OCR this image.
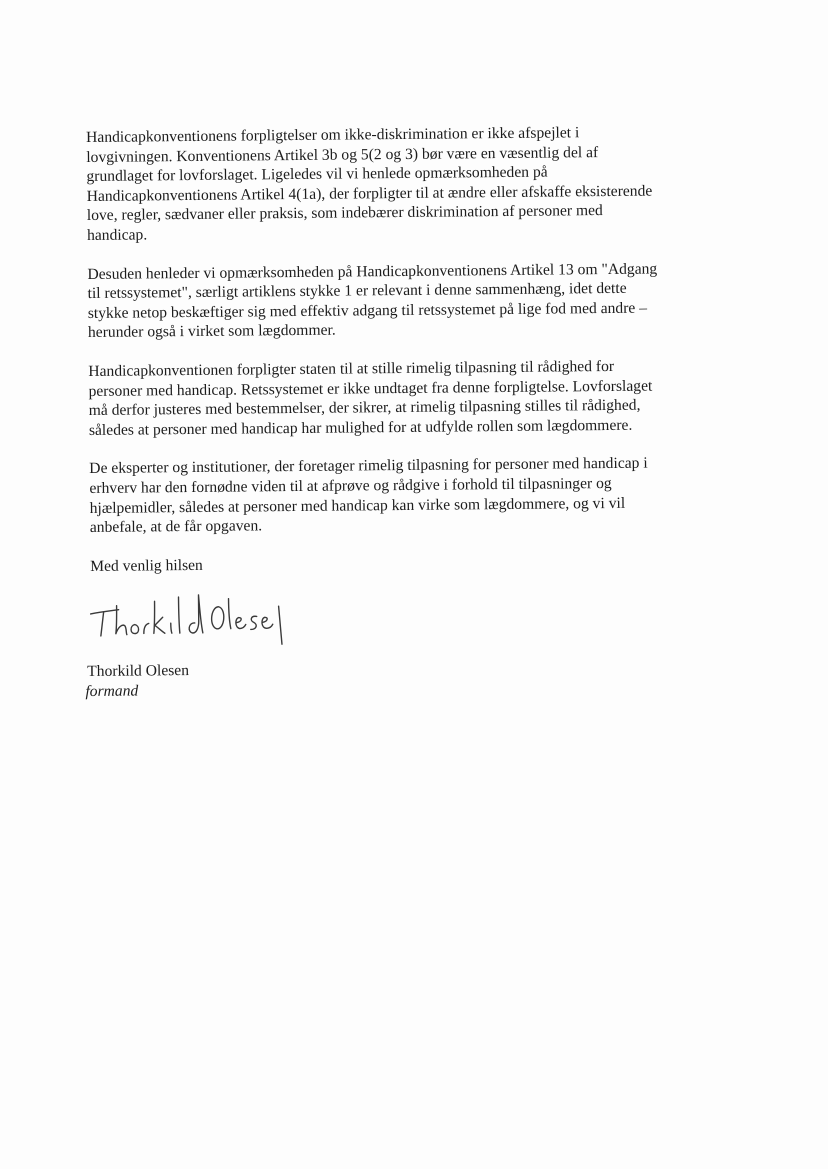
Handicapkonventionens forpligtelser om ikke-diskrimination er ikke afspejlet i
lovgivningen. Konventionens Artikel 3b og 5(2 og 3) bør være en væsentlig del af
grundlaget for lovforslaget. Ligeledes vil vi henlede opmærksomheden på
Handicapkonventionens Artikel 4(1a), der forpligter til at ændre eller afskaffe eksisterende
love, regler, sædvaner eller praksis, som indebærer diskrimination af personer med
handicap.

Desuden henleder vi opmærksomheden på Handicapkonventionens Artikel 13 om "Adgang
til retssystemet", særligt artiklens stykke 1 er relevant i denne sammenhæng, idet dette
stykke netop beskæftiger sig med effektiv adgang til retssystemet på lige fod med andre –
herunder også i virket som lægdommer.

Handicapkonventionen forpligter staten til at stille rimelig tilpasning til rådighed for
personer med handicap. Retssystemet er ikke undtaget fra denne forpligtelse. Lovforslaget
må derfor justeres med bestemmelser, der sikrer, at rimelig tilpasning stilles til rådighed,
således at personer med handicap har mulighed for at udfylde rollen som lægdommere.

De eksperter og institutioner, der foretager rimelig tilpasning for personer med handicap i
erhverv har den fornødne viden til at afprøve og rådgive i forhold til tilpasninger og
hjælpemidler, således at personer med handicap kan virke som lægdommere, og vi vil
anbefale, at de får opgaven.

Med venlig hilsen

Thorkild Olesen

formand
